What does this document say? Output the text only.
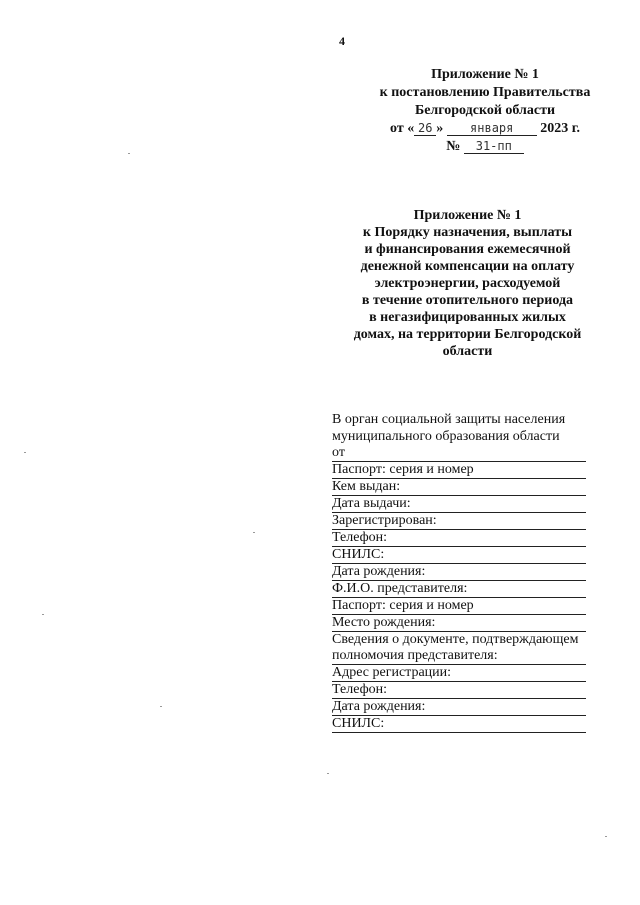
4
Приложение № 1
к постановлению Правительства
Белгородской области
от « 26 » января 2023 г.
№ 31-пп
Приложение № 1
к Порядку назначения, выплаты
и финансирования ежемесячной
денежной компенсации на оплату
электроэнергии, расходуемой
в течение отопительного периода
в негазифицированных жилых
домах, на территории Белгородской
области
В орган социальной защиты населения
муниципального образования области
от
Паспорт: серия и номер
Кем выдан:
Дата выдачи:
Зарегистрирован:
Телефон:
СНИЛС:
Дата рождения:
Ф.И.О. представителя:
Паспорт: серия и номер
Место рождения:
Сведения о документе, подтверждающем полномочия представителя:
Адрес регистрации:
Телефон:
Дата рождения:
СНИЛС:
